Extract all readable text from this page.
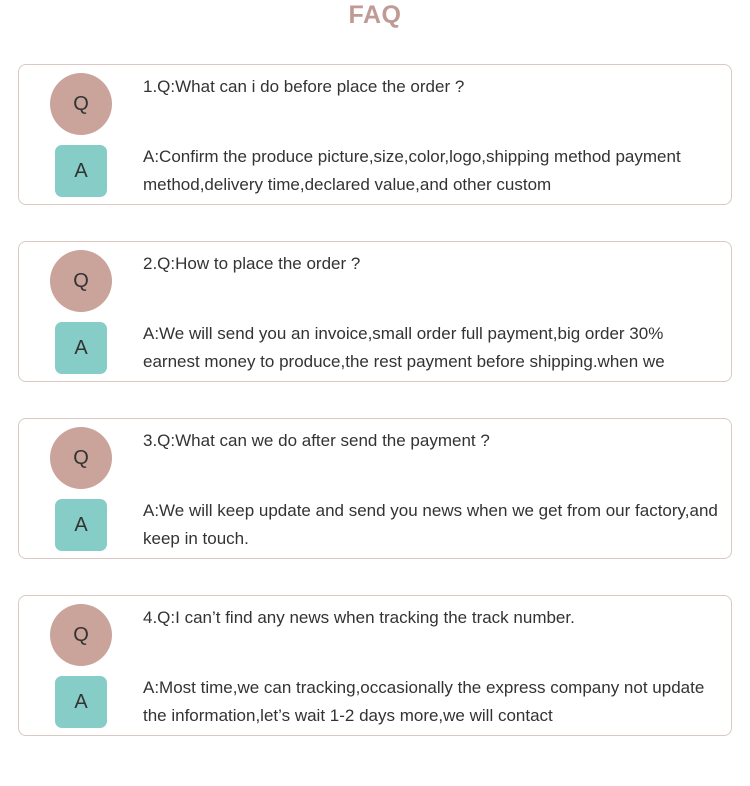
FAQ
Q
A
1.Q:What can i do before place the order ?
A:Confirm the produce picture,size,color,logo,shipping method payment method,delivery time,declared value,and other custom
Q
A
2.Q:How to place the order ?
A:We will send you an invoice,small order full payment,big order 30% earnest money to produce,the rest payment before shipping.when we
Q
A
3.Q:What can we do after send the payment ?
A:We will keep update and send you news when we get from our factory,and keep in touch.
Q
A
4.Q:I can’t find any news when tracking the track number.
A:Most time,we can tracking,occasionally the express company not update the information,let’s wait 1-2 days more,we will contact
